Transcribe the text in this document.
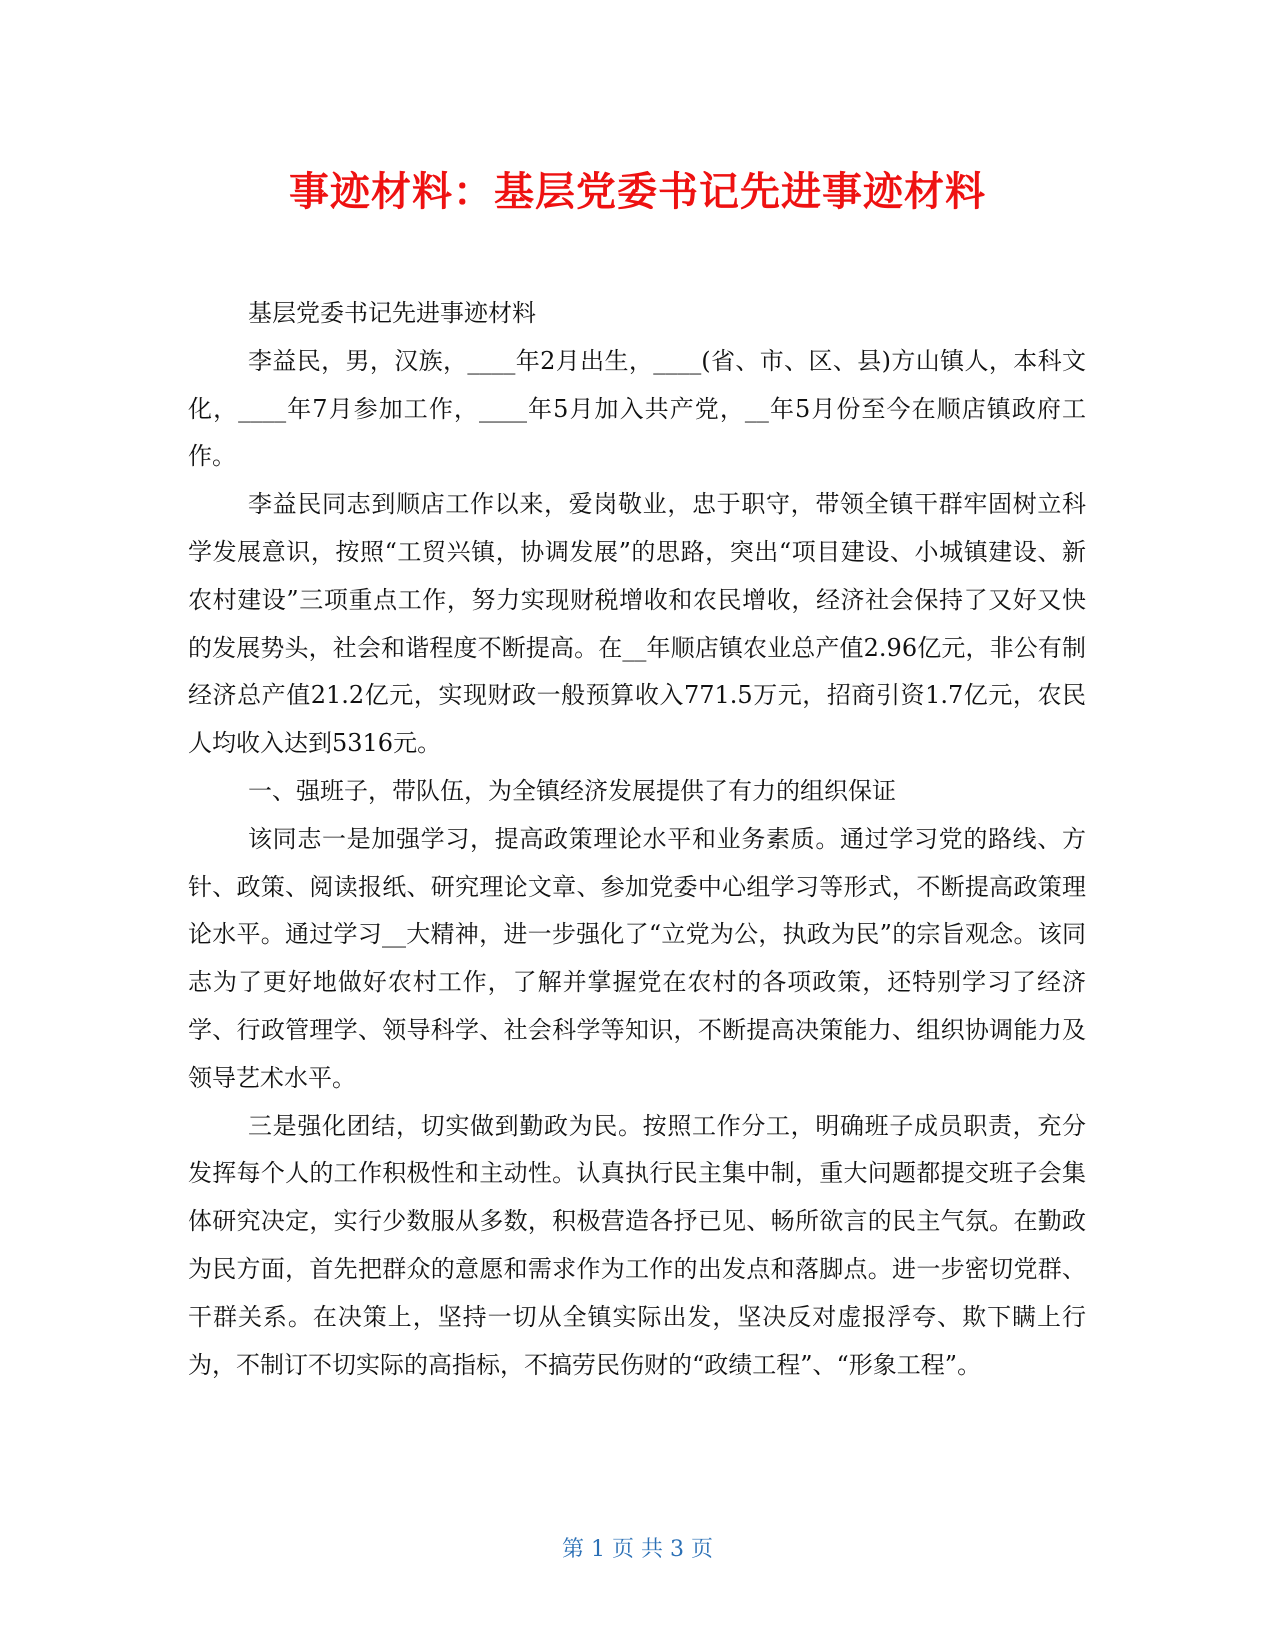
事迹材料：基层党委书记先进事迹材料

基层党委书记先进事迹材料

李益民，男，汉族，____年2月出生，____(省、市、区、县)方山镇人，本科文化，____年7月参加工作，____年5月加入共产党，__年5月份至今在顺店镇政府工作。

李益民同志到顺店工作以来，爱岗敬业，忠于职守，带领全镇干群牢固树立科学发展意识，按照“工贸兴镇，协调发展”的思路，突出“项目建设、小城镇建设、新农村建设”三项重点工作，努力实现财税增收和农民增收，经济社会保持了又好又快的发展势头，社会和谐程度不断提高。在__年顺店镇农业总产值2.96亿元，非公有制经济总产值21.2亿元，实现财政一般预算收入771.5万元，招商引资1.7亿元，农民人均收入达到5316元。

一、强班子，带队伍，为全镇经济发展提供了有力的组织保证

该同志一是加强学习，提高政策理论水平和业务素质。通过学习党的路线、方针、政策、阅读报纸、研究理论文章、参加党委中心组学习等形式，不断提高政策理论水平。通过学习__大精神，进一步强化了“立党为公，执政为民”的宗旨观念。该同志为了更好地做好农村工作，了解并掌握党在农村的各项政策，还特别学习了经济学、行政管理学、领导科学、社会科学等知识，不断提高决策能力、组织协调能力及领导艺术水平。

三是强化团结，切实做到勤政为民。按照工作分工，明确班子成员职责，充分发挥每个人的工作积极性和主动性。认真执行民主集中制，重大问题都提交班子会集体研究决定，实行少数服从多数，积极营造各抒已见、畅所欲言的民主气氛。在勤政为民方面，首先把群众的意愿和需求作为工作的出发点和落脚点。进一步密切党群、干群关系。在决策上，坚持一切从全镇实际出发，坚决反对虚报浮夸、欺下瞒上行为，不制订不切实际的高指标，不搞劳民伤财的“政绩工程”、“形象工程”。

第 1 页 共 3 页
